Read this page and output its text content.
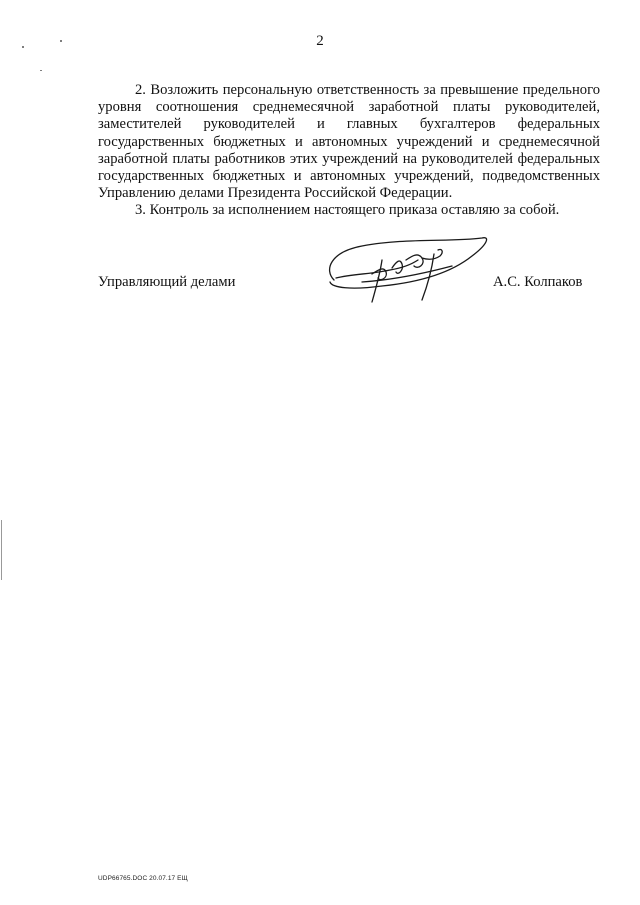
2

2. Возложить персональную ответственность за превышение предельного уровня соотношения среднемесячной заработной платы руководителей, заместителей руководителей и главных бухгалтеров федеральных государственных бюджетных и автономных учреждений и среднемесячной заработной платы работников этих учреждений на руководителей федеральных государственных бюджетных и автономных учреждений, подведомственных Управлению делами Президента Российской Федерации.

3. Контроль за исполнением настоящего приказа оставляю за собой.

Управляющий делами	А.С. Колпаков
UDP66765.DOC 20.07.17 ЕЩ
